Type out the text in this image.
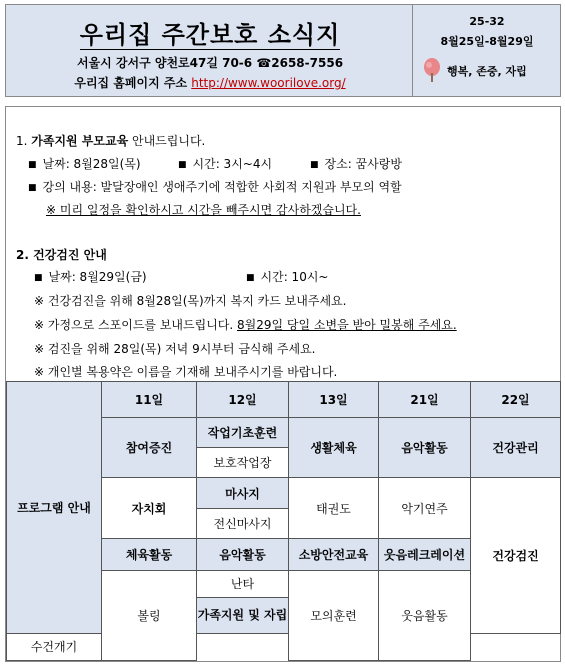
우리집 주간보호 소식지
서울시 강서구 양천로47길 70-6 ☎2658-7556
우리집 홈페이지 주소 http://www.woorilove.org/
25-32
8월25일-8월29일
행복, 존중, 자립
1. 가족지원 부모교육 안내드립니다.
■ 날짜: 8월28일(목)	■ 시간: 3시~4시	■ 장소: 꿈사랑방
■ 강의 내용: 발달장애인 생애주기에 적합한 사회적 지원과 부모의 역할
※ 미리 일정을 확인하시고 시간을 빼주시면 감사하겠습니다.
2. 건강검진 안내
■ 날짜: 8월29일(금)	■ 시간: 10시~
※ 건강검진을 위해 8월28일(목)까지 복지 카드 보내주세요.
※ 가정으로 스포이드를 보내드립니다. 8월29일 당일 소변을 받아 밀봉해 주세요.
※ 검진을 위해 28일(목) 저녁 9시부터 금식해 주세요.
※ 개인별 복용약은 이름을 기재해 보내주시기를 바랍니다.
프로그램 안내	11일	12일	13일	21일	22일
	참여증진	작업기초훈련	생활체육	음악활동	건강관리
		보호작업장			
	자치회	마사지	태권도	악기연주	건강검진
		전신마사지			
	체육활동	음악활동	소방안전교육	웃음레크레이션	
	볼링	난타	모의훈련	웃음활동	
		가족지원 및 자립			
수건개기					
